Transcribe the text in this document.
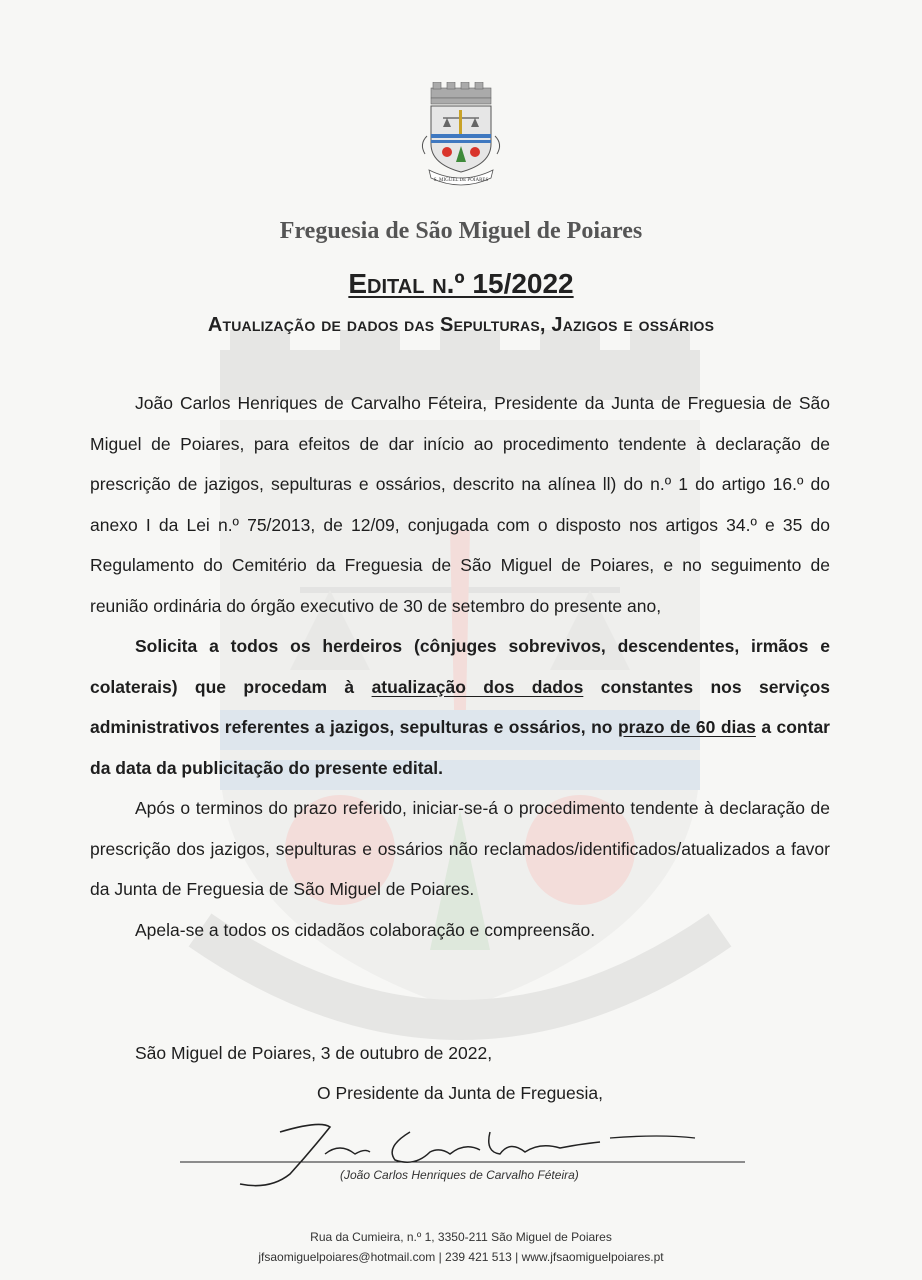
S. MIGUEL DE POIARES
Freguesia de São Miguel de Poiares
Edital n.º 15/2022
Atualização de dados das Sepulturas, Jazigos e ossários

João Carlos Henriques de Carvalho Féteira, Presidente da Junta de Freguesia de São Miguel de Poiares, para efeitos de dar início ao procedimento tendente à declaração de prescrição de jazigos, sepulturas e ossários, descrito na alínea ll) do n.º 1 do artigo 16.º do anexo I da Lei n.º 75/2013, de 12/09, conjugada com o disposto nos artigos 34.º e 35 do Regulamento do Cemitério da Freguesia de São Miguel de Poiares, e no seguimento de reunião ordinária do órgão executivo de 30 de setembro do presente ano,

Solicita a todos os herdeiros (cônjuges sobrevivos, descendentes, irmãos e colaterais) que procedam à atualização dos dados constantes nos serviços administrativos referentes a jazigos, sepulturas e ossários, no prazo de 60 dias a contar da data da publicitação do presente edital.

Após o terminos do prazo referido, iniciar-se-á o procedimento tendente à declaração de prescrição dos jazigos, sepulturas e ossários não reclamados/identificados/atualizados a favor da Junta de Freguesia de São Miguel de Poiares.

Apela-se a todos os cidadãos colaboração e compreensão.

São Miguel de Poiares, 3 de outubro de 2022,
O Presidente da Junta de Freguesia,
(João Carlos Henriques de Carvalho Féteira)
Rua da Cumieira, n.º 1, 3350-211 São Miguel de Poiares
jfsaomiguelpoiares@hotmail.com | 239 421 513 | www.jfsaomiguelpoiares.pt
